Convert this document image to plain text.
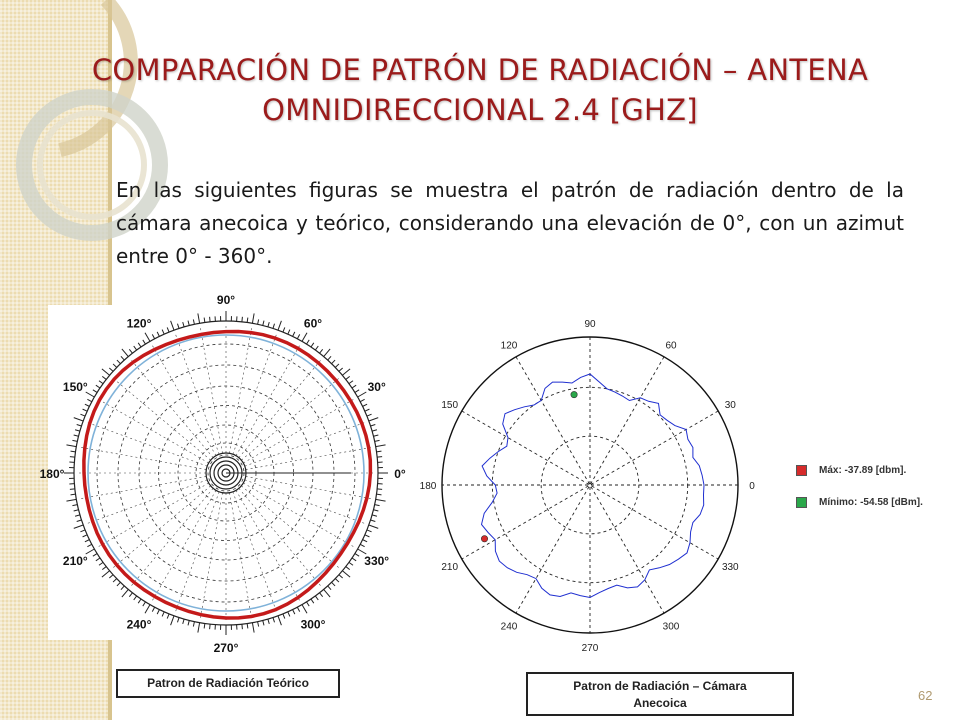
COMPARACIÓN DE PATRÓN DE RADIACIÓN – ANTENA
OMNIDIRECCIONAL 2.4 [GHZ]
En las siguientes figuras se muestra el patrón de radiación dentro de la cámara anecoica y teórico, considerando una elevación de 0°, con un azimut entre 0° - 360°.
90°
60°
30°
0°
330°
300°
270°
240°
210°
180°
150°
120°	90
60
30
0
330
300
270
240
210
180
150
120
Máx: -37.89 [dbm].
Mínimo: -54.58 [dBm].
Patron de Radiación Teórico	Patron de Radiación – Cámara
Anecoica	62
